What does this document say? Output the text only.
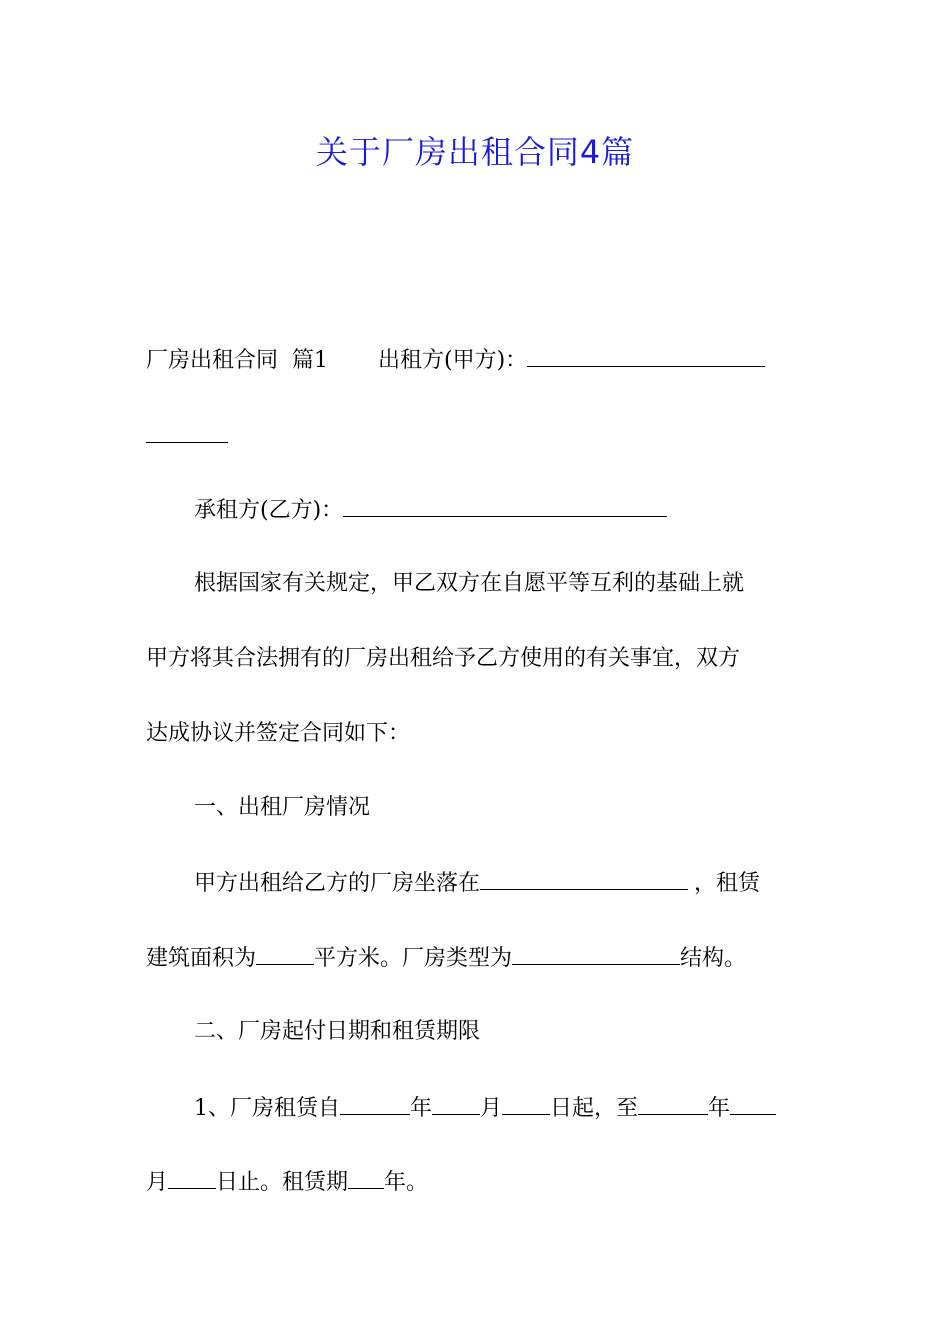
关于厂房出租合同4篇
厂房出租合同 篇1 出租方(甲方)：
承租方(乙方)：
根据国家有关规定，甲乙双方在自愿平等互利的基础上就
甲方将其合法拥有的厂房出租给予乙方使用的有关事宜，双方
达成协议并签定合同如下：
一、出租厂房情况
甲方出租给乙方的厂房坐落在	，租赁
建筑面积为	平方米。厂房类型为	结构。
二、厂房起付日期和租赁期限
1、厂房租赁自	年 月 日起，至	年
月 日止。租赁期 年。
